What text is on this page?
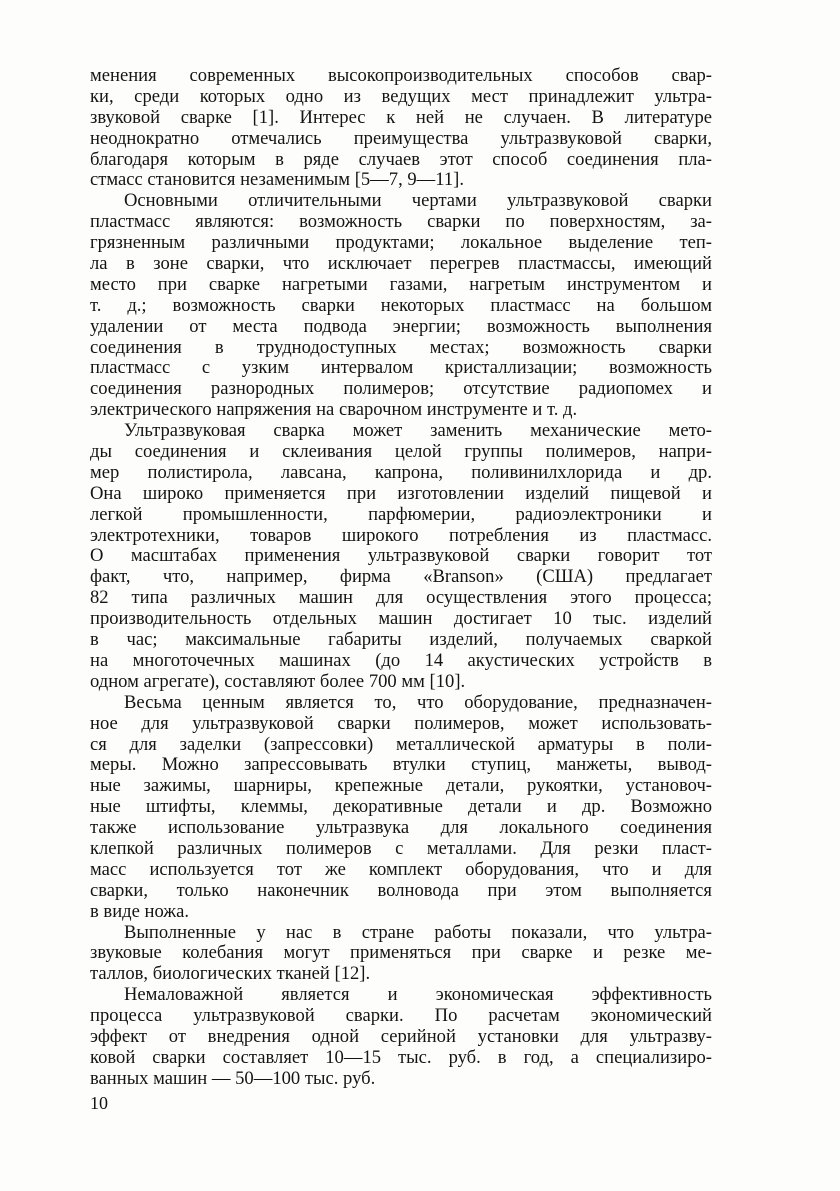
менения современных высокопроизводительных способов свар-
ки, среди которых одно из ведущих мест принадлежит ультра-
звуковой сварке [1]. Интерес к ней не случаен. В литературе
неоднократно отмечались преимущества ультразвуковой сварки,
благодаря которым в ряде случаев этот способ соединения пла-
стмасс становится незаменимым [5—7, 9—11].
Основными отличительными чертами ультразвуковой сварки
пластмасс являются: возможность сварки по поверхностям, за-
грязненным различными продуктами; локальное выделение теп-
ла в зоне сварки, что исключает перегрев пластмассы, имеющий
место при сварке нагретыми газами, нагретым инструментом и
т. д.; возможность сварки некоторых пластмасс на большом
удалении от места подвода энергии; возможность выполнения
соединения в труднодоступных местах; возможность сварки
пластмасс с узким интервалом кристаллизации; возможность
соединения разнородных полимеров; отсутствие радиопомех и
электрического напряжения на сварочном инструменте и т. д.
Ультразвуковая сварка может заменить механические мето-
ды соединения и склеивания целой группы полимеров, напри-
мер полистирола, лавсана, капрона, поливинилхлорида и др.
Она широко применяется при изготовлении изделий пищевой и
легкой промышленности, парфюмерии, радиоэлектроники и
электротехники, товаров широкого потребления из пластмасс.
О масштабах применения ультразвуковой сварки говорит тот
факт, что, например, фирма «Branson» (США) предлагает
82 типа различных машин для осуществления этого процесса;
производительность отдельных машин достигает 10 тыс. изделий
в час; максимальные габариты изделий, получаемых сваркой
на многоточечных машинах (до 14 акустических устройств в
одном агрегате), составляют более 700 мм [10].
Весьма ценным является то, что оборудование, предназначен-
ное для ультразвуковой сварки полимеров, может использовать-
ся для заделки (запрессовки) металлической арматуры в поли-
меры. Можно запрессовывать втулки ступиц, манжеты, вывод-
ные зажимы, шарниры, крепежные детали, рукоятки, установоч-
ные штифты, клеммы, декоративные детали и др. Возможно
также использование ультразвука для локального соединения
клепкой различных полимеров с металлами. Для резки пласт-
масс используется тот же комплект оборудования, что и для
сварки, только наконечник волновода при этом выполняется
в виде ножа.
Выполненные у нас в стране работы показали, что ультра-
звуковые колебания могут применяться при сварке и резке ме-
таллов, биологических тканей [12].
Немаловажной является и экономическая эффективность
процесса ультразвуковой сварки. По расчетам экономический
эффект от внедрения одной серийной установки для ультразву-
ковой сварки составляет 10—15 тыс. руб. в год, а специализиро-
ванных машин — 50—100 тыс. руб.
10
